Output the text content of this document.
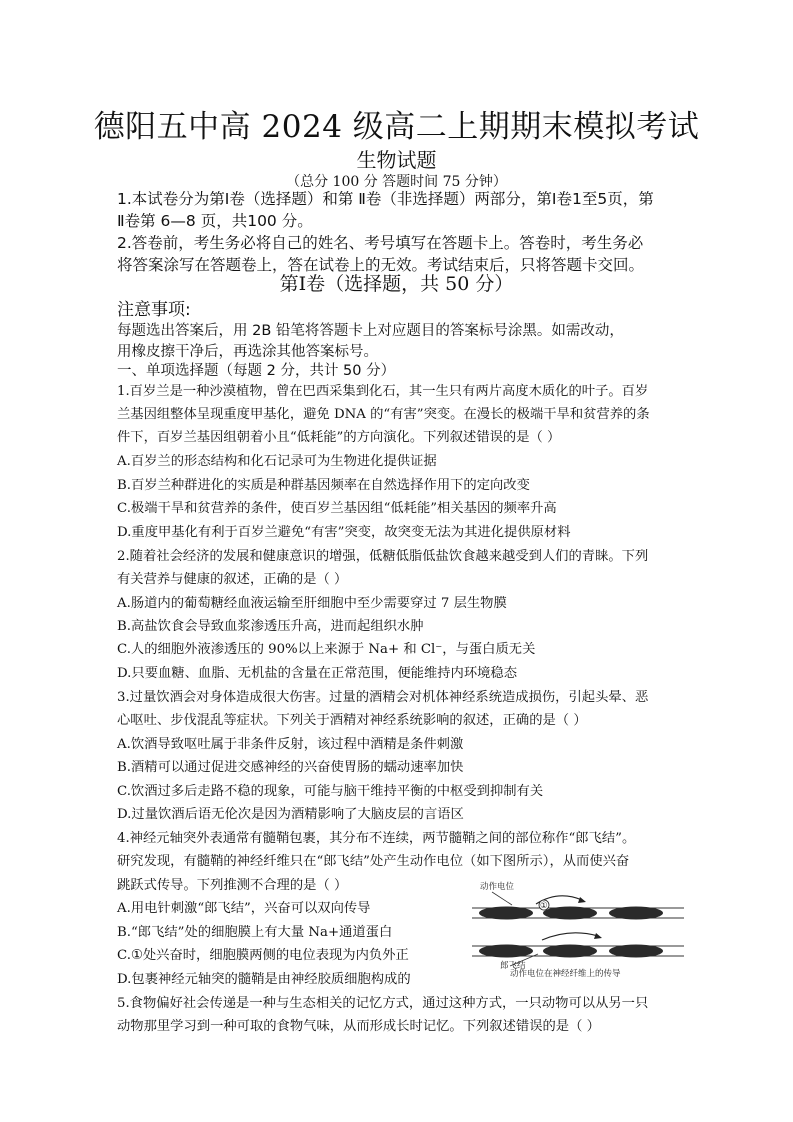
德阳五中高 2024 级高二上期期末模拟考试
生物试题
（总分 100 分 答题时间 75 分钟）
1.本试卷分为第Ⅰ卷（选择题）和第 Ⅱ卷（非选择题）两部分，第Ⅰ卷1至5页，第
Ⅱ卷第 6—8 页，共100 分。
2.答卷前，考生务必将自己的姓名、考号填写在答题卡上。答卷时，考生务必
将答案涂写在答题卷上，答在试卷上的无效。考试结束后，只将答题卡交回。
第Ⅰ卷（选择题，共 50 分）
注意事项:
每题选出答案后，用 2B 铅笔将答题卡上对应题目的答案标号涂黑。如需改动，
用橡皮擦干净后，再选涂其他答案标号。
一、单项选择题（每题 2 分，共计 50 分）
1.百岁兰是一种沙漠植物，曾在巴西采集到化石，其一生只有两片高度木质化的叶子。百岁
兰基因组整体呈现重度甲基化，避免 DNA 的“有害”突变。在漫长的极端干旱和贫营养的条
件下，百岁兰基因组朝着小且“低耗能”的方向演化。下列叙述错误的是（ ）
A.百岁兰的形态结构和化石记录可为生物进化提供证据
B.百岁兰种群进化的实质是种群基因频率在自然选择作用下的定向改变
C.极端干旱和贫营养的条件，使百岁兰基因组“低耗能”相关基因的频率升高
D.重度甲基化有利于百岁兰避免“有害”突变，故突变无法为其进化提供原材料
2.随着社会经济的发展和健康意识的增强，低糖低脂低盐饮食越来越受到人们的青睐。下列
有关营养与健康的叙述，正确的是（ ）
A.肠道内的葡萄糖经血液运输至肝细胞中至少需要穿过 7 层生物膜
B.高盐饮食会导致血浆渗透压升高，进而起组织水肿
C.人的细胞外液渗透压的 90%以上来源于 Na+ 和 Cl⁻，与蛋白质无关
D.只要血糖、血脂、无机盐的含量在正常范围，便能维持内环境稳态
3.过量饮酒会对身体造成很大伤害。过量的酒精会对机体神经系统造成损伤，引起头晕、恶
心呕吐、步伐混乱等症状。下列关于酒精对神经系统影响的叙述，正确的是（ ）
A.饮酒导致呕吐属于非条件反射，该过程中酒精是条件刺激
B.酒精可以通过促进交感神经的兴奋使胃肠的蠕动速率加快
C.饮酒过多后走路不稳的现象，可能与脑干维持平衡的中枢受到抑制有关
D.过量饮酒后语无伦次是因为酒精影响了大脑皮层的言语区
4.神经元轴突外表通常有髓鞘包裹，其分布不连续，两节髓鞘之间的部位称作“郎飞结”。
研究发现，有髓鞘的神经纤维只在“郎飞结”处产生动作电位（如下图所示），从而使兴奋
跳跃式传导。下列推测不合理的是（ ）
A.用电针刺激“郎飞结”，兴奋可以双向传导
B.“郎飞结”处的细胞膜上有大量 Na+通道蛋白
C.①处兴奋时，细胞膜两侧的电位表现为内负外正
D.包裹神经元轴突的髓鞘是由神经胶质细胞构成的
动作电位
①
郎飞结
动作电位在神经纤维上的传导
5.食物偏好社会传递是一种与生态相关的记忆方式，通过这种方式，一只动物可以从另一只
动物那里学习到一种可取的食物气味，从而形成长时记忆。下列叙述错误的是（ ）
